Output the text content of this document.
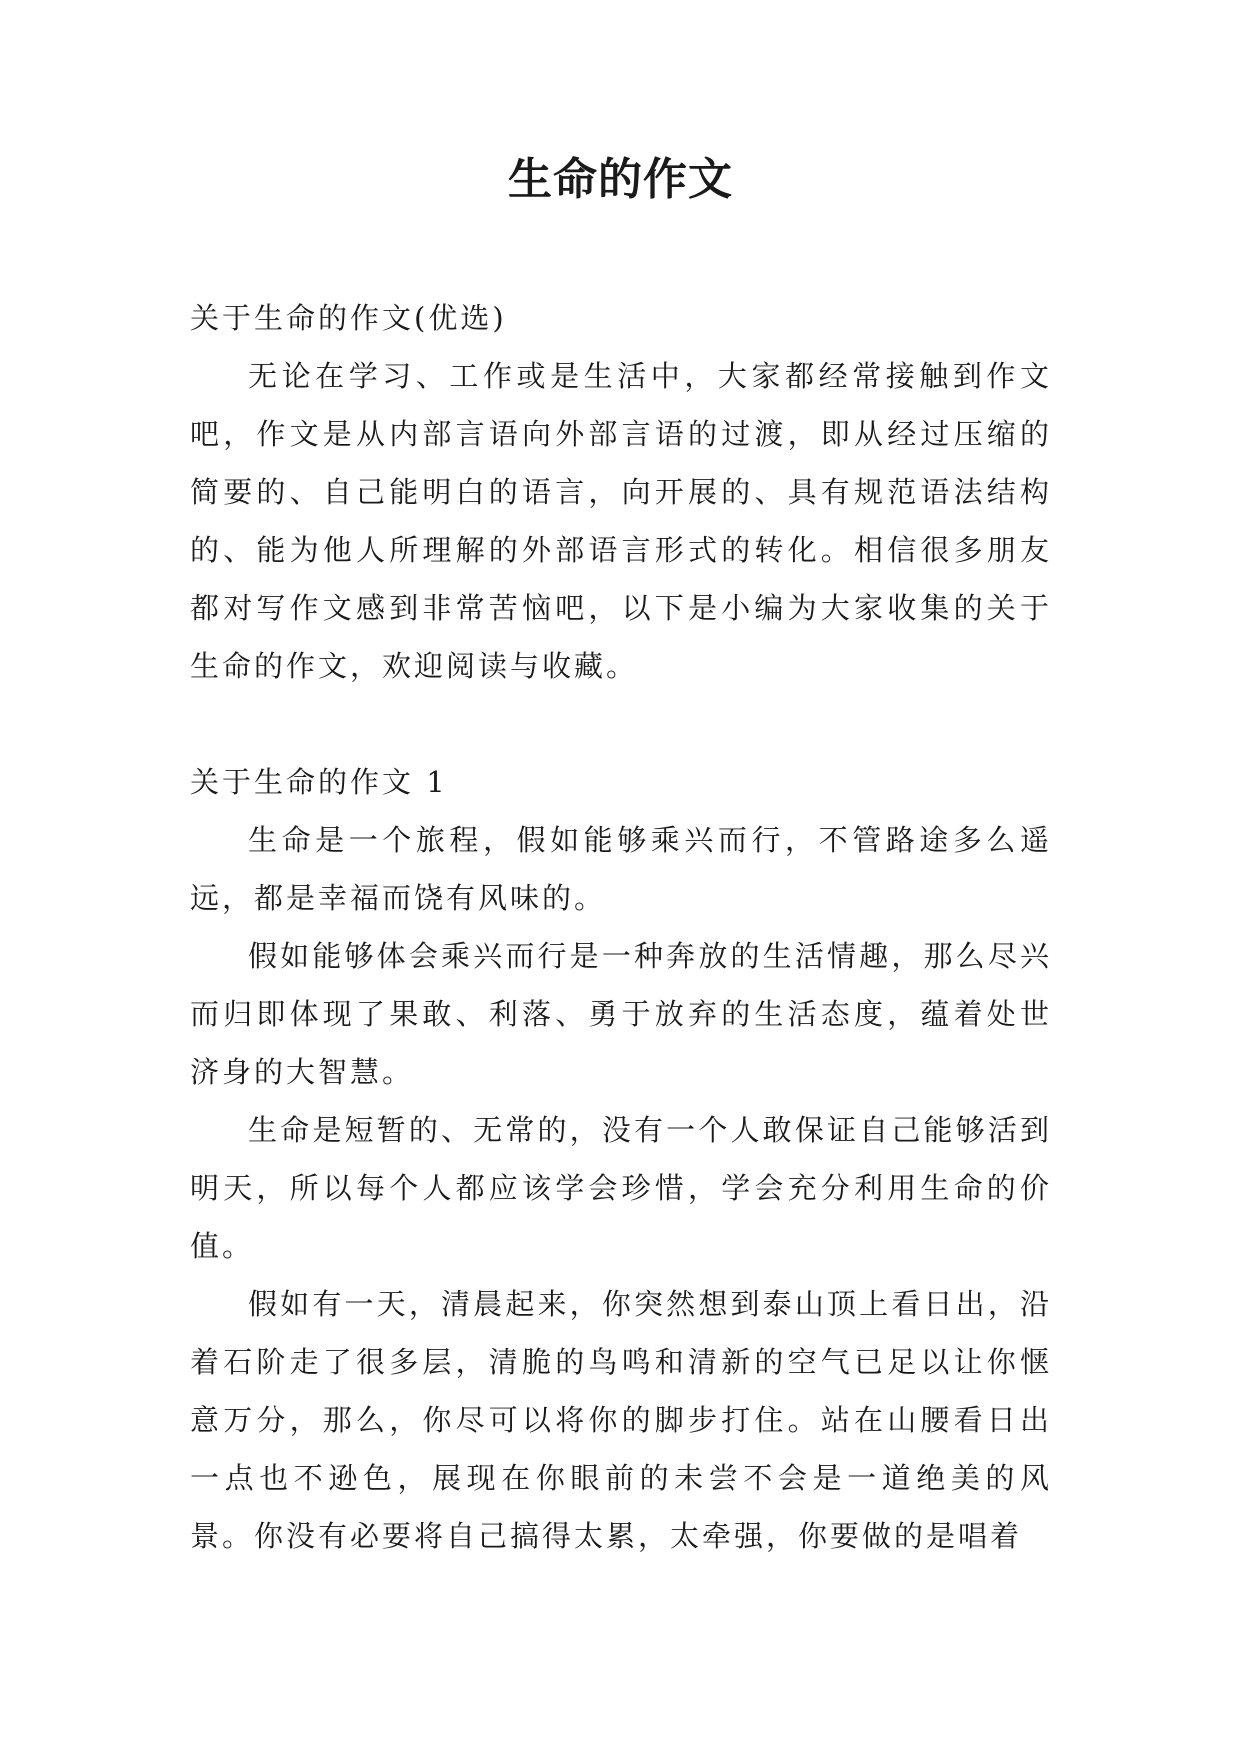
生命的作文

关于生命的作文(优选)

无论在学习、工作或是生活中，大家都经常接触到作文吧，作文是从内部言语向外部言语的过渡，即从经过压缩的简要的、自己能明白的语言，向开展的、具有规范语法结构的、能为他人所理解的外部语言形式的转化。相信很多朋友都对写作文感到非常苦恼吧，以下是小编为大家收集的关于生命的作文，欢迎阅读与收藏。

关于生命的作文 1

生命是一个旅程，假如能够乘兴而行，不管路途多么遥远，都是幸福而饶有风味的。

假如能够体会乘兴而行是一种奔放的生活情趣，那么尽兴而归即体现了果敢、利落、勇于放弃的生活态度，蕴着处世济身的大智慧。

生命是短暂的、无常的，没有一个人敢保证自己能够活到明天，所以每个人都应该学会珍惜，学会充分利用生命的价值。

假如有一天，清晨起来，你突然想到泰山顶上看日出，沿着石阶走了很多层，清脆的鸟鸣和清新的空气已足以让你惬意万分，那么，你尽可以将你的脚步打住。站在山腰看日出一点也不逊色，展现在你眼前的未尝不会是一道绝美的风景。你没有必要将自己搞得太累，太牵强，你要做的是唱着
